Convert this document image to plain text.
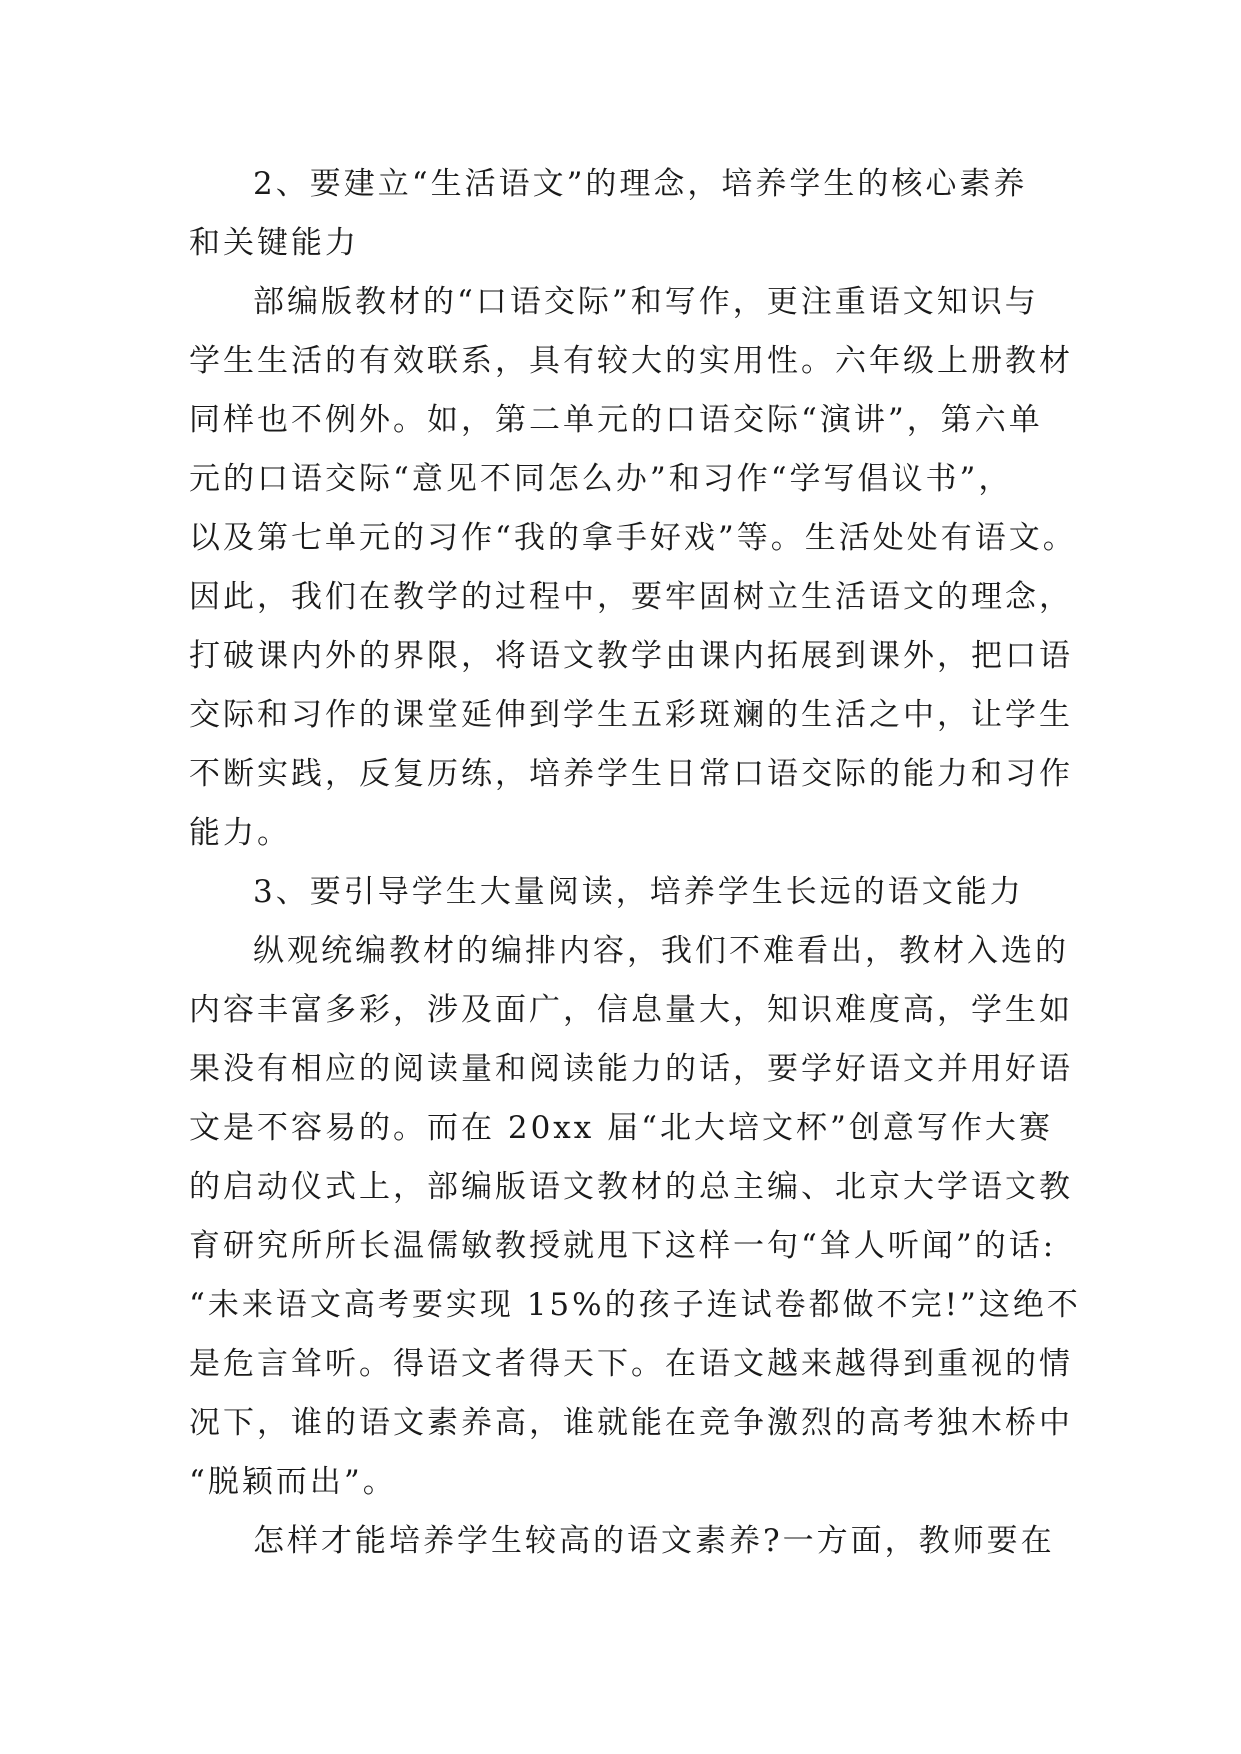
2、要建立“生活语文”的理念，培养学生的核心素养
和关键能力
部编版教材的“口语交际”和写作，更注重语文知识与
学生生活的有效联系，具有较大的实用性。六年级上册教材
同样也不例外。如，第二单元的口语交际“演讲”，第六单
元的口语交际“意见不同怎么办”和习作“学写倡议书”，
以及第七单元的习作“我的拿手好戏”等。生活处处有语文。
因此，我们在教学的过程中，要牢固树立生活语文的理念，
打破课内外的界限，将语文教学由课内拓展到课外，把口语
交际和习作的课堂延伸到学生五彩斑斓的生活之中，让学生
不断实践，反复历练，培养学生日常口语交际的能力和习作
能力。
3、要引导学生大量阅读，培养学生长远的语文能力
纵观统编教材的编排内容，我们不难看出，教材入选的
内容丰富多彩，涉及面广，信息量大，知识难度高，学生如
果没有相应的阅读量和阅读能力的话，要学好语文并用好语
文是不容易的。而在 20xx 届“北大培文杯”创意写作大赛
的启动仪式上，部编版语文教材的总主编、北京大学语文教
育研究所所长温儒敏教授就甩下这样一句“耸人听闻”的话:
“未来语文高考要实现 15%的孩子连试卷都做不完!”这绝不
是危言耸听。得语文者得天下。在语文越来越得到重视的情
况下，谁的语文素养高，谁就能在竞争激烈的高考独木桥中
“脱颖而出”。
怎样才能培养学生较高的语文素养?一方面，教师要在
